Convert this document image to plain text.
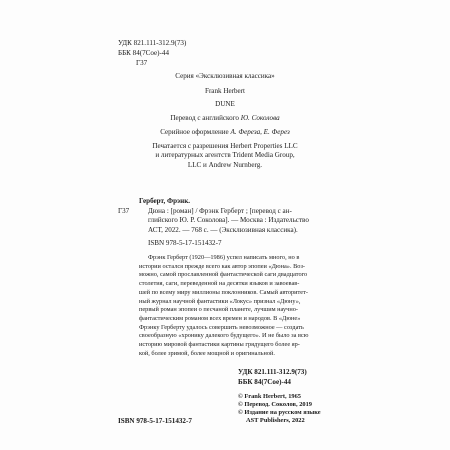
УДК 821.111-312.9(73)
ББК 84(7Сое)-44
Г37
Серия «Эксклюзивная классика»
Frank Herbert
DUNE
Перевод с английского Ю. Соколова
Серийное оформление А. Фереза, Е. Ферез
Печатается с разрешения Herbert Properties LLC
и литературных агентств Trident Media Group,
LLC и Andrew Nurnberg.
Герберт, Фрэнк.
Г37	Дюна : [роман] / Фрэнк Герберт ; [перевод с ан-
глийского Ю. Р. Соколова]. — Москва : Издательство
АСТ, 2022. — 768 с. — (Эксклюзивная классика).
ISBN 978-5-17-151432-7
Фрэнк Герберт (1920—1986) успел написать много, но в
истории остался прежде всего как автор эпопеи «Дюна». Воз-
можно, самой прославленной фантастической саги двадцатого
столетия, саги, переведенной на десятки языков и завоевав-
шей по всему миру миллионы поклонников. Самый авторитет-
ный журнал научной фантастики «Локус» признал «Дюну»,
первый роман эпопеи о песчаной планете, лучшим научно-
фантастическим романом всех времен и народов. В «Дюне»
Фрэнку Герберту удалось совершить невозможное — создать
своеобразную «хронику далекого будущего». И не было за всю
историю мировой фантастики картины грядущего более яр-
кой, более зримой, более мощной и оригинальной.
УДК 821.111-312.9(73)
ББК 84(7Сое)-44
© Frank Herbert, 1965
© Перевод. Соколов, 2019
© Издание на русском языке
AST Publishers, 2022
ISBN 978-5-17-151432-7
